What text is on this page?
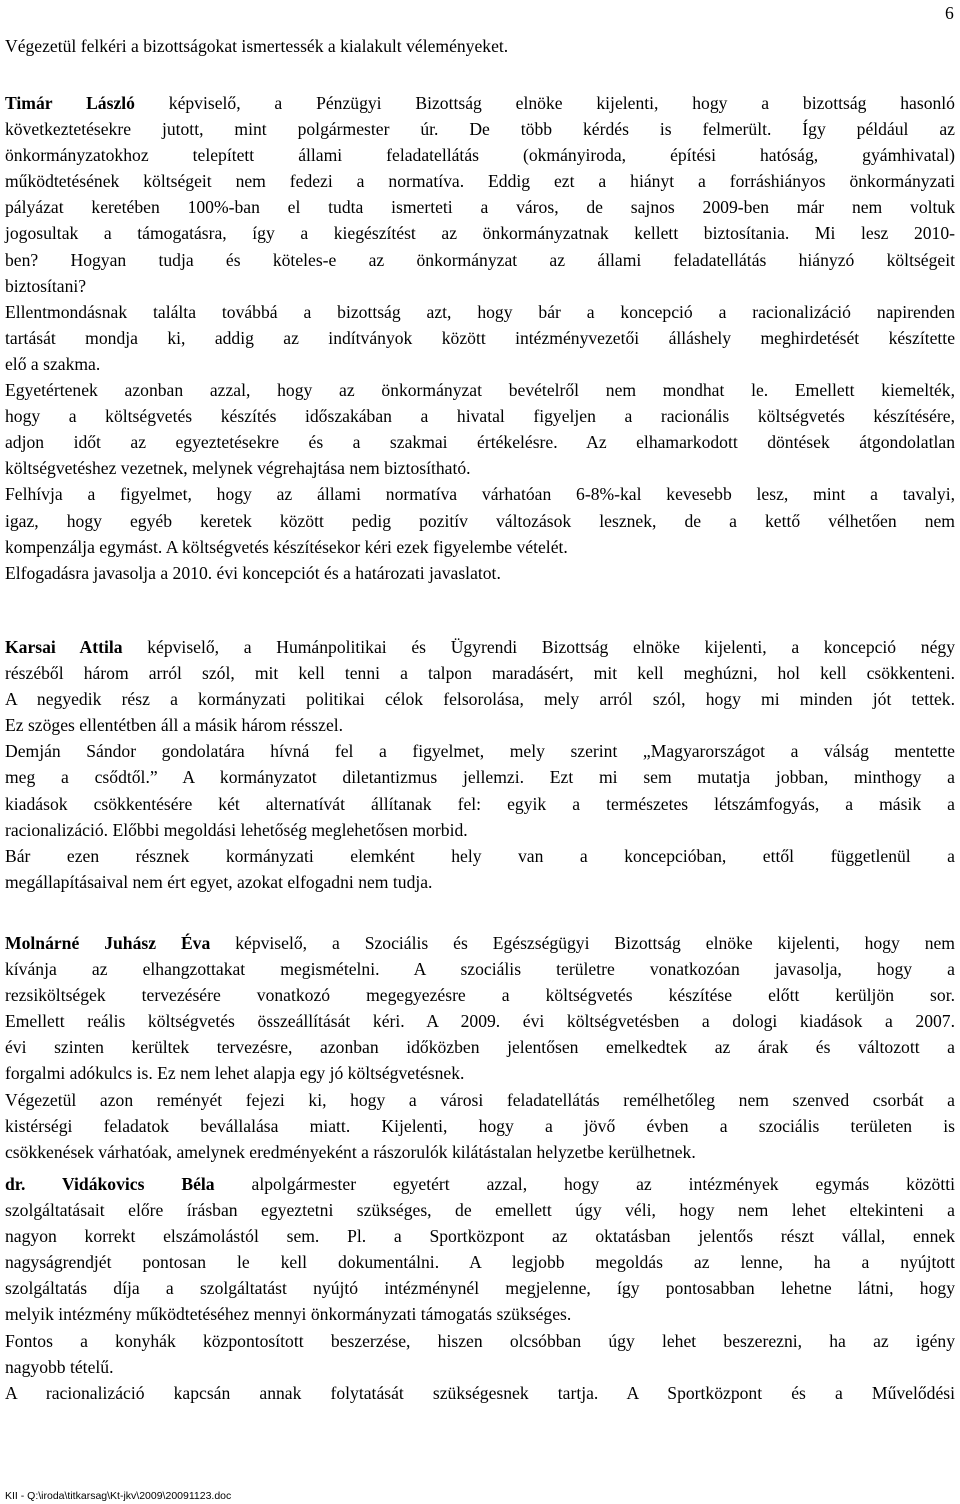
6
Végezetül felkéri a bizottságokat ismertessék a kialakult véleményeket.
Timár László képviselő, a Pénzügyi Bizottság elnöke kijelenti, hogy a bizottság hasonló
következtetésekre jutott, mint polgármester úr. De több kérdés is felmerült. Így például az
önkormányzatokhoz telepített állami feladatellátás (okmányiroda, építési hatóság, gyámhivatal)
működtetésének költségeit nem fedezi a normatíva. Eddig ezt a hiányt a forráshiányos önkormányzati
pályázat keretében 100%-ban el tudta ismerteti a város, de sajnos 2009-ben már nem voltuk
jogosultak a támogatásra, így a kiegészítést az önkormányzatnak kellett biztosítania. Mi lesz 2010-
ben? Hogyan tudja és köteles-e az önkormányzat az állami feladatellátás hiányzó költségeit
biztosítani?
Ellentmondásnak találta továbbá a bizottság azt, hogy bár a koncepció a racionalizáció napirenden
tartását mondja ki, addig az indítványok között intézményvezetői álláshely meghirdetését készítette
elő a szakma.
Egyetértenek azonban azzal, hogy az önkormányzat bevételről nem mondhat le. Emellett kiemelték,
hogy a költségvetés készítés időszakában a hivatal figyeljen a racionális költségvetés készítésére,
adjon időt az egyeztetésekre és a szakmai értékelésre. Az elhamarkodott döntések átgondolatlan
költségvetéshez vezetnek, melynek végrehajtása nem biztosítható.
Felhívja a figyelmet, hogy az állami normatíva várhatóan 6-8%-kal kevesebb lesz, mint a tavalyi,
igaz, hogy egyéb keretek között pedig pozitív változások lesznek, de a kettő vélhetően nem
kompenzálja egymást. A költségvetés készítésekor kéri ezek figyelembe vételét.
Elfogadásra javasolja a 2010. évi koncepciót és a határozati javaslatot.
Karsai Attila képviselő, a Humánpolitikai és Ügyrendi Bizottság elnöke kijelenti, a koncepció négy
részéből három arról szól, mit kell tenni a talpon maradásért, mit kell meghúzni, hol kell csökkenteni.
A negyedik rész a kormányzati politikai célok felsorolása, mely arról szól, hogy mi minden jót tettek.
Ez szöges ellentétben áll a másik három résszel.
Demján Sándor gondolatára hívná fel a figyelmet, mely szerint „Magyarországot a válság mentette
meg a csődtől.” A kormányzatot diletantizmus jellemzi. Ezt mi sem mutatja jobban, minthogy a
kiadások csökkentésére két alternatívát állítanak fel: egyik a természetes létszámfogyás, a másik a
racionalizáció. Előbbi megoldási lehetőség meglehetősen morbid.
Bár ezen résznek kormányzati elemként hely van a koncepcióban, ettől függetlenül a
megállapításaival nem ért egyet, azokat elfogadni nem tudja.
Molnárné Juhász Éva képviselő, a Szociális és Egészségügyi Bizottság elnöke kijelenti, hogy nem
kívánja az elhangzottakat megismételni. A szociális területre vonatkozóan javasolja, hogy a
rezsiköltségek tervezésére vonatkozó megegyezésre a költségvetés készítése előtt kerüljön sor.
Emellett reális költségvetés összeállítását kéri. A 2009. évi költségvetésben a dologi kiadások a 2007.
évi szinten kerültek tervezésre, azonban időközben jelentősen emelkedtek az árak és változott a
forgalmi adókulcs is. Ez nem lehet alapja egy jó költségvetésnek.
Végezetül azon reményét fejezi ki, hogy a városi feladatellátás remélhetőleg nem szenved csorbát a
kistérségi feladatok bevállalása miatt. Kijelenti, hogy a jövő évben a szociális területen is
csökkenések várhatóak, amelynek eredményeként a rászorulók kilátástalan helyzetbe kerülhetnek.
dr. Vidákovics Béla alpolgármester egyetért azzal, hogy az intézmények egymás közötti
szolgáltatásait előre írásban egyeztetni szükséges, de emellett úgy véli, hogy nem lehet eltekinteni a
nagyon korrekt elszámolástól sem. Pl. a Sportközpont az oktatásban jelentős részt vállal, ennek
nagyságrendjét pontosan le kell dokumentálni. A legjobb megoldás az lenne, ha a nyújtott
szolgáltatás díja a szolgáltatást nyújtó intézménynél megjelenne, így pontosabban lehetne látni, hogy
melyik intézmény működtetéséhez mennyi önkormányzati támogatás szükséges.
Fontos a konyhák központosított beszerzése, hiszen olcsóbban úgy lehet beszerezni, ha az igény
nagyobb tételű.
A racionalizáció kapcsán annak folytatását szükségesnek tartja. A Sportközpont és a Művelődési
KII - Q:\iroda\titkarsag\Kt-jkv\2009\20091123.doc
